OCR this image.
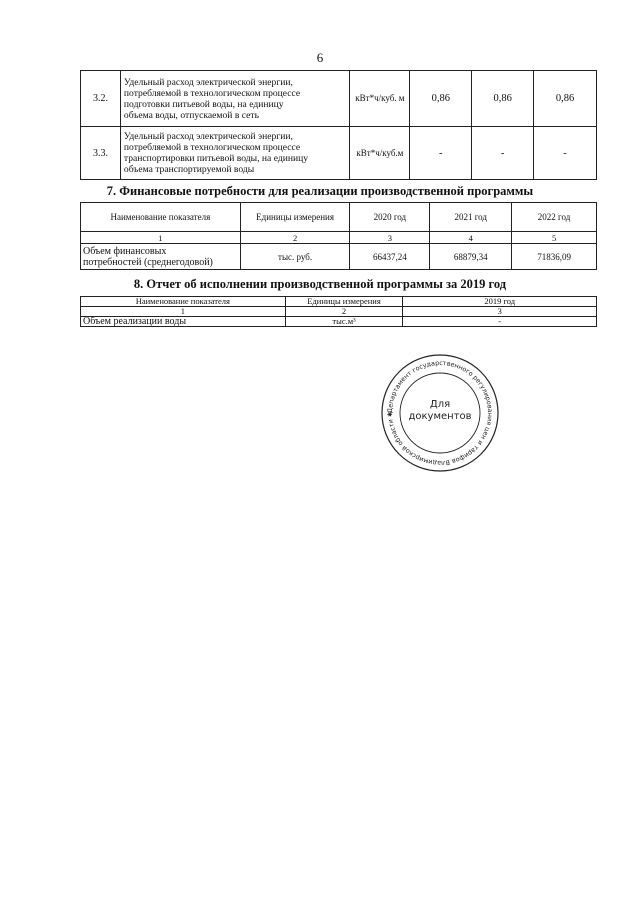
6
3.2.	Удельный расход электрической энергии,
потребляемой в технологическом процессе
подготовки питьевой воды, на единицу
объема воды, отпускаемой в сеть	кВт*ч/куб. м	0,86	0,86	0,86
3.3.	Удельный расход электрической энергии,
потребляемой в технологическом процессе
транспортировки питьевой воды, на единицу
объема транспортируемой воды	кВт*ч/куб.м	-	-	-
7. Финансовые потребности для реализации производственной программы
Наименование показателя	Единицы измерения	2020 год	2021 год	2022 год
1	2	3	4	5

Объем финансовых
потребностей (среднегодовой)	тыс. руб.	66437,24	68879,34	71836,09
8. Отчет об исполнении производственной программы за 2019 год
Наименование показателя	Единицы измерения	2019 год
1	2	3
Объем реализации воды	тыс.м³	-
Департамент государственного регулирования цен и тарифов Владимирской области ✱
Для
документов
